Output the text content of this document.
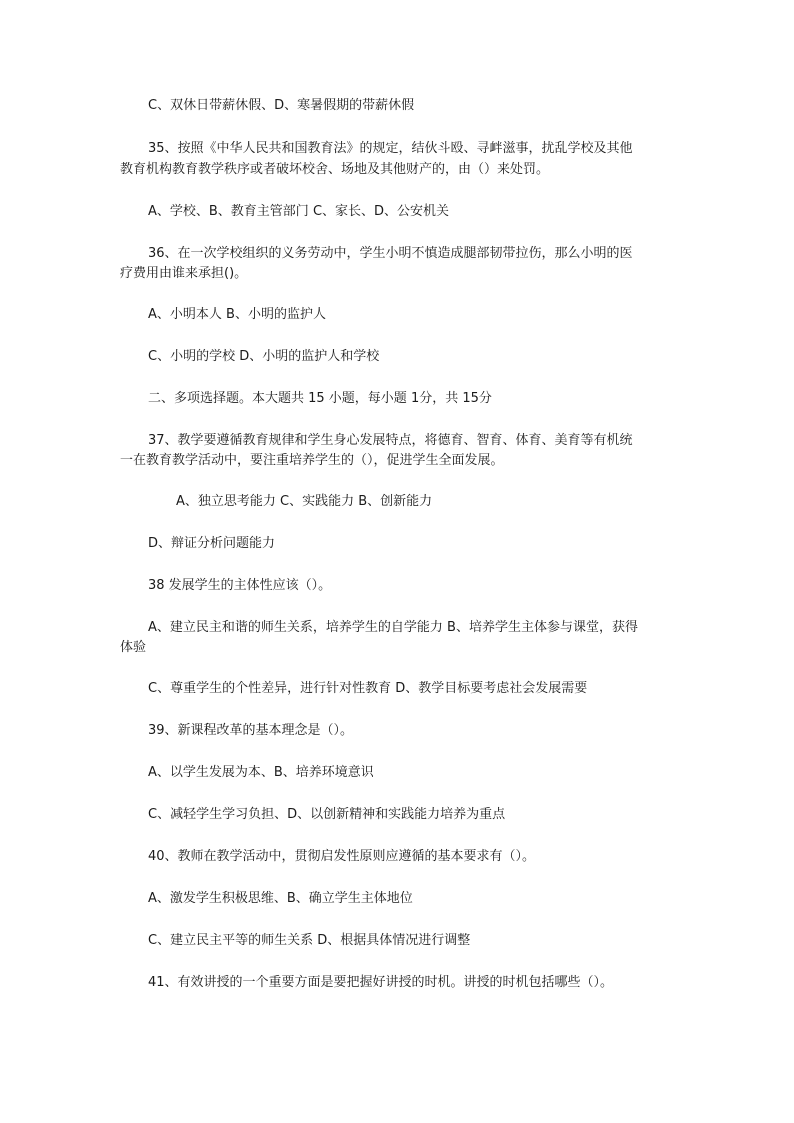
C、双休日带薪休假、D、寒暑假期的带薪休假
35、按照《中华人民共和国教育法》的规定，结伙斗殴、寻衅滋事，扰乱学校及其他
教育机构教育教学秩序或者破坏校舍、场地及其他财产的，由（）来处罚。
A、学校、B、教育主管部门 C、家长、D、公安机关
36、在一次学校组织的义务劳动中，学生小明不慎造成腿部韧带拉伤，那么小明的医
疗费用由谁来承担()。
A、小明本人 B、小明的监护人
C、小明的学校 D、小明的监护人和学校
二、多项选择题。本大题共 15 小题，每小题 1分，共 15分
37、教学要遵循教育规律和学生身心发展特点，将德育、智育、体育、美育等有机统
一在教育教学活动中，要注重培养学生的（），促进学生全面发展。
A、独立思考能力 C、实践能力 B、创新能力
D、辩证分析问题能力
38 发展学生的主体性应该（）。
A、建立民主和谐的师生关系，培养学生的自学能力 B、培养学生主体参与课堂，获得
体验
C、尊重学生的个性差异，进行针对性教育 D、教学目标要考虑社会发展需要
39、新课程改革的基本理念是（）。
A、以学生发展为本、B、培养环境意识
C、减轻学生学习负担、D、以创新精神和实践能力培养为重点
40、教师在教学活动中，贯彻启发性原则应遵循的基本要求有（）。
A、激发学生积极思维、B、确立学生主体地位
C、建立民主平等的师生关系 D、根据具体情况进行调整
41、有效讲授的一个重要方面是要把握好讲授的时机。讲授的时机包括哪些（）。
